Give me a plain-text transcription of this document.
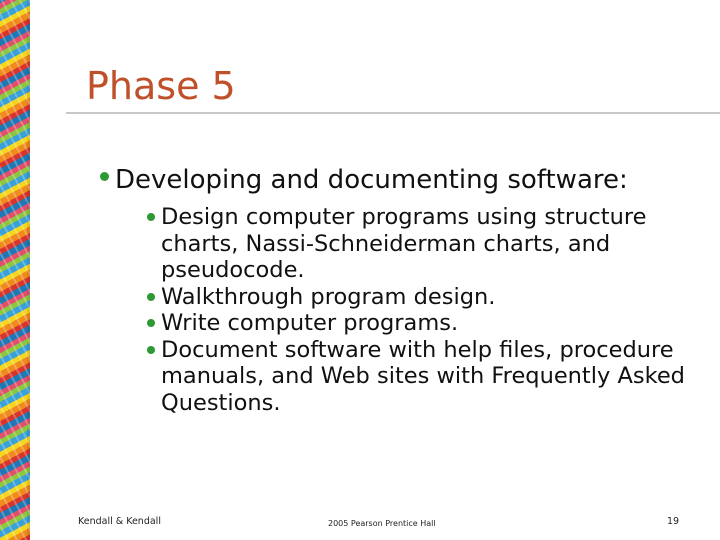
Phase 5
Developing and documenting software:
Design computer programs using structure charts, Nassi-Schneiderman charts, and pseudocode.
Walkthrough program design.
Write computer programs.
Document software with help files, procedure manuals, and Web sites with Frequently Asked Questions.
Kendall & Kendall	2005 Pearson Prentice Hall	19
